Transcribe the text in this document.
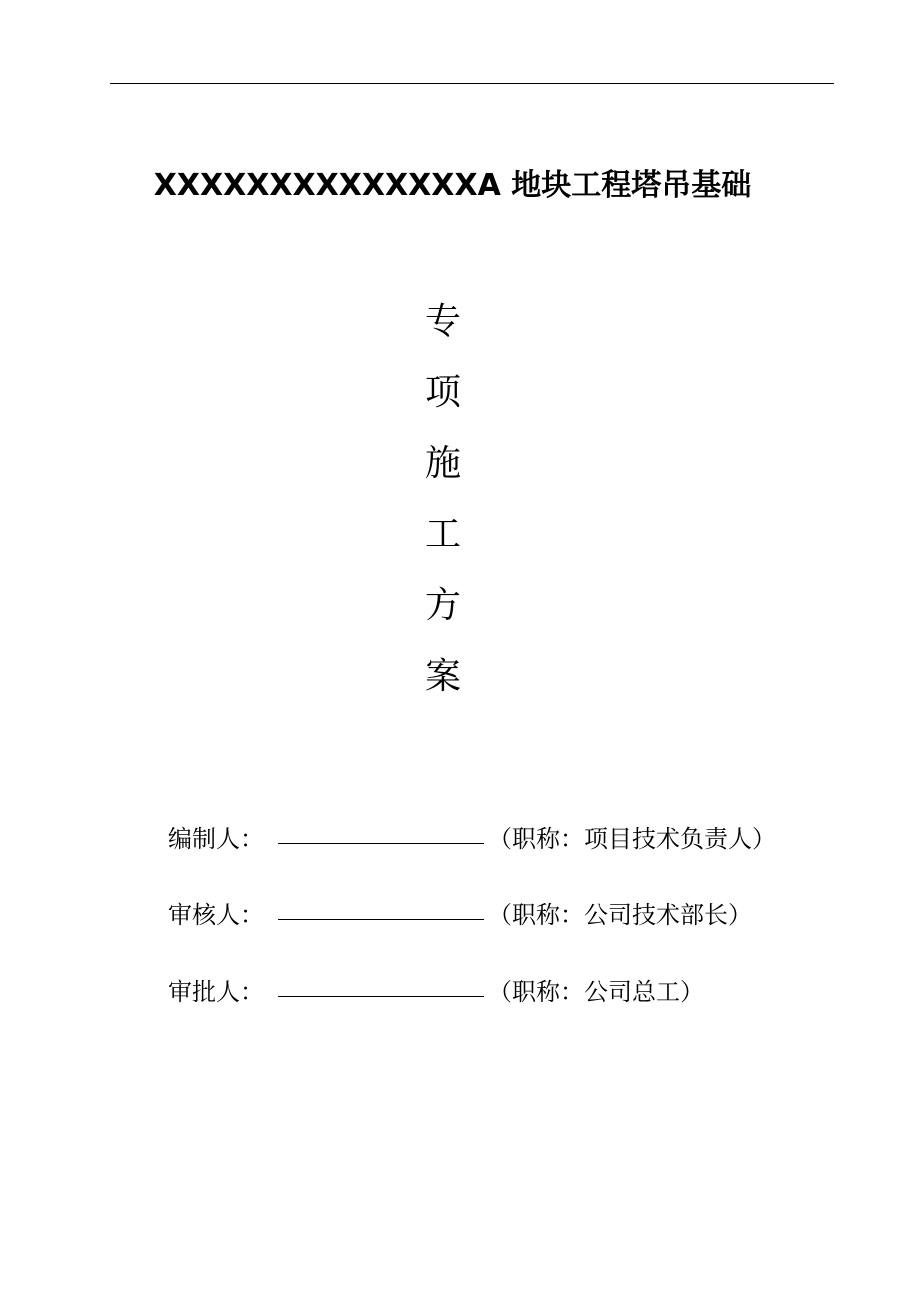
XXXXXXXXXXXXXXA 地块工程塔吊基础
专
项
施
工
方
案
编制人：	（职称：项目技术负责人）
审核人：	（职称：公司技术部长）
审批人：	（职称：公司总工）
